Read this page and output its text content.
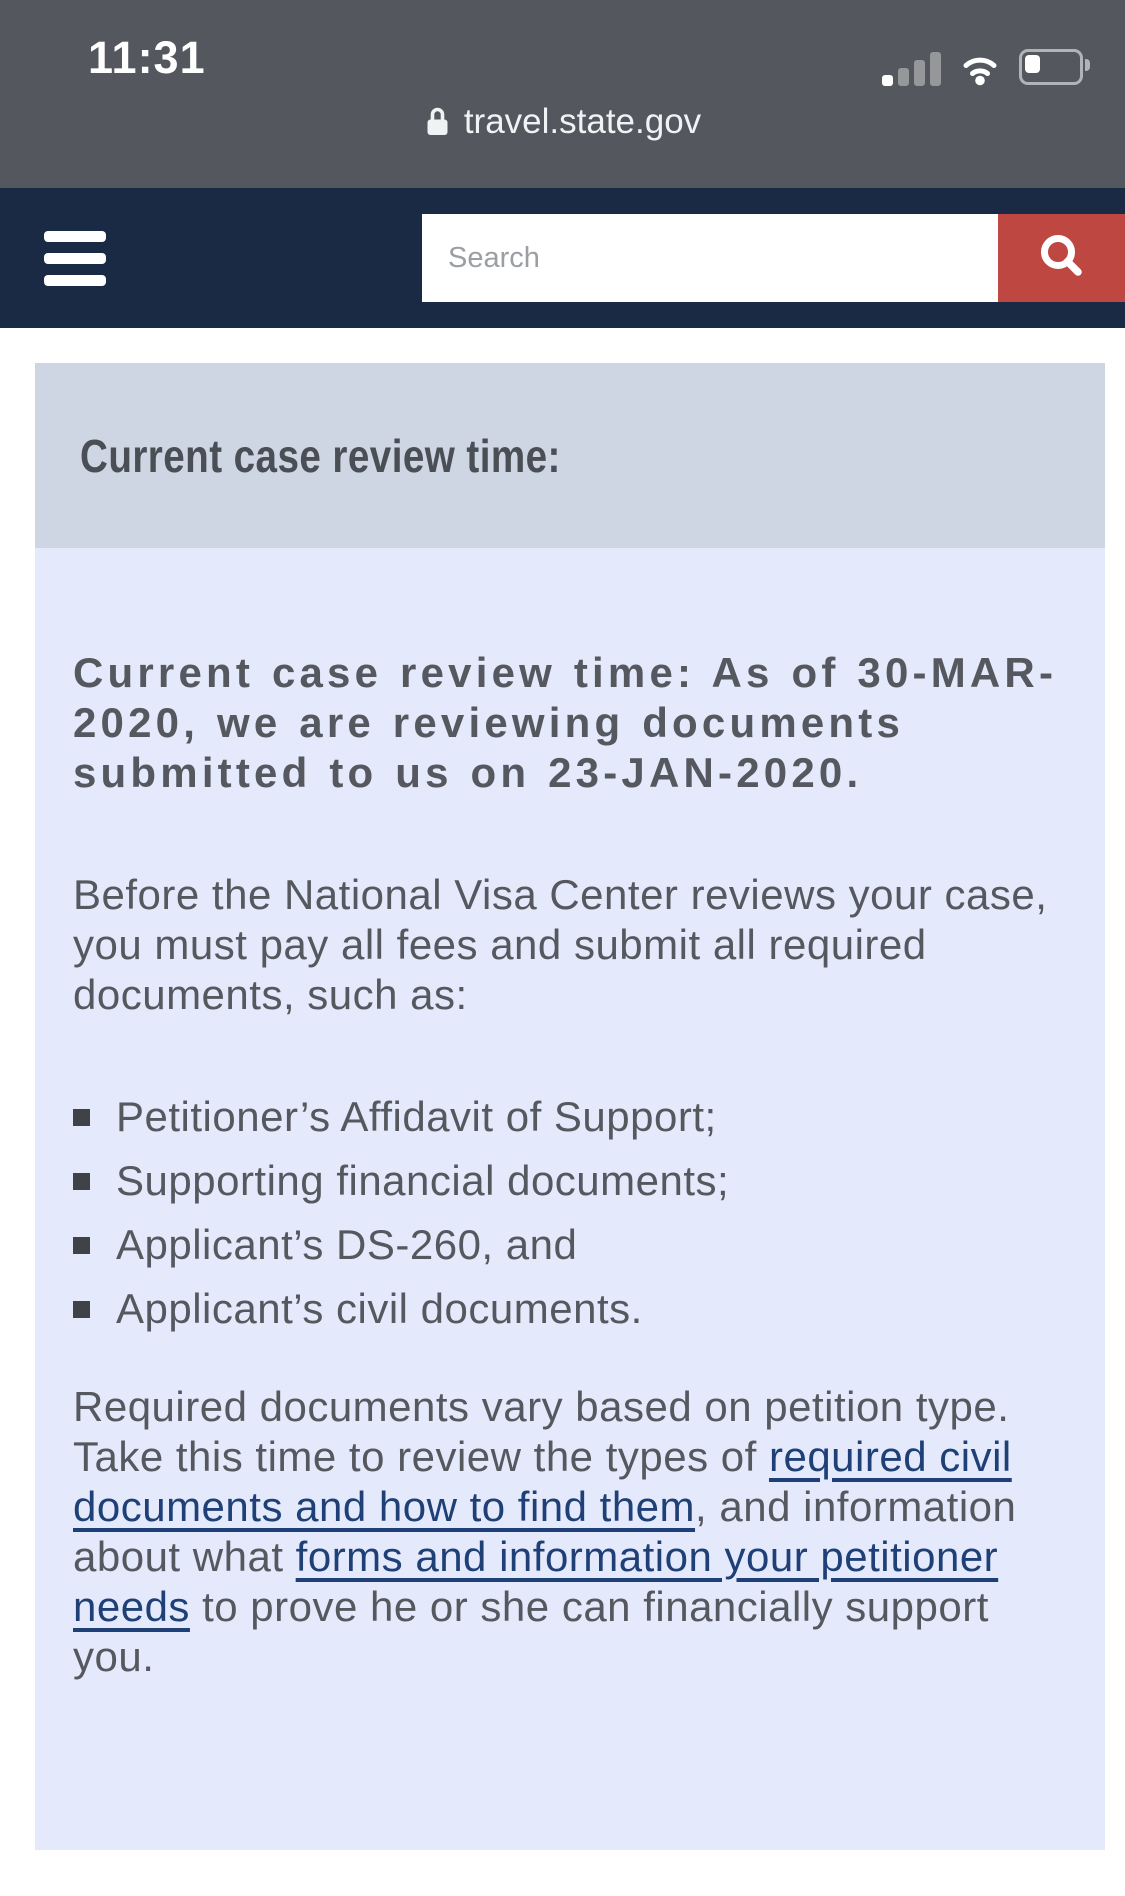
11:31
travel.state.gov
Search
Current case review time:

Current case review time: As of 30-MAR-2020, we are reviewing documents submitted to us on 23-JAN-2020.

Before the National Visa Center reviews your case, you must pay all fees and submit all required documents, such as:

Petitioner’s Affidavit of Support;
Supporting financial documents;
Applicant’s DS-260, and
Applicant’s civil documents.

Required documents vary based on petition type. Take this time to review the types of required civil documents and how to find them, and information about what forms and information your petitioner needs to prove he or she can financially support you.
